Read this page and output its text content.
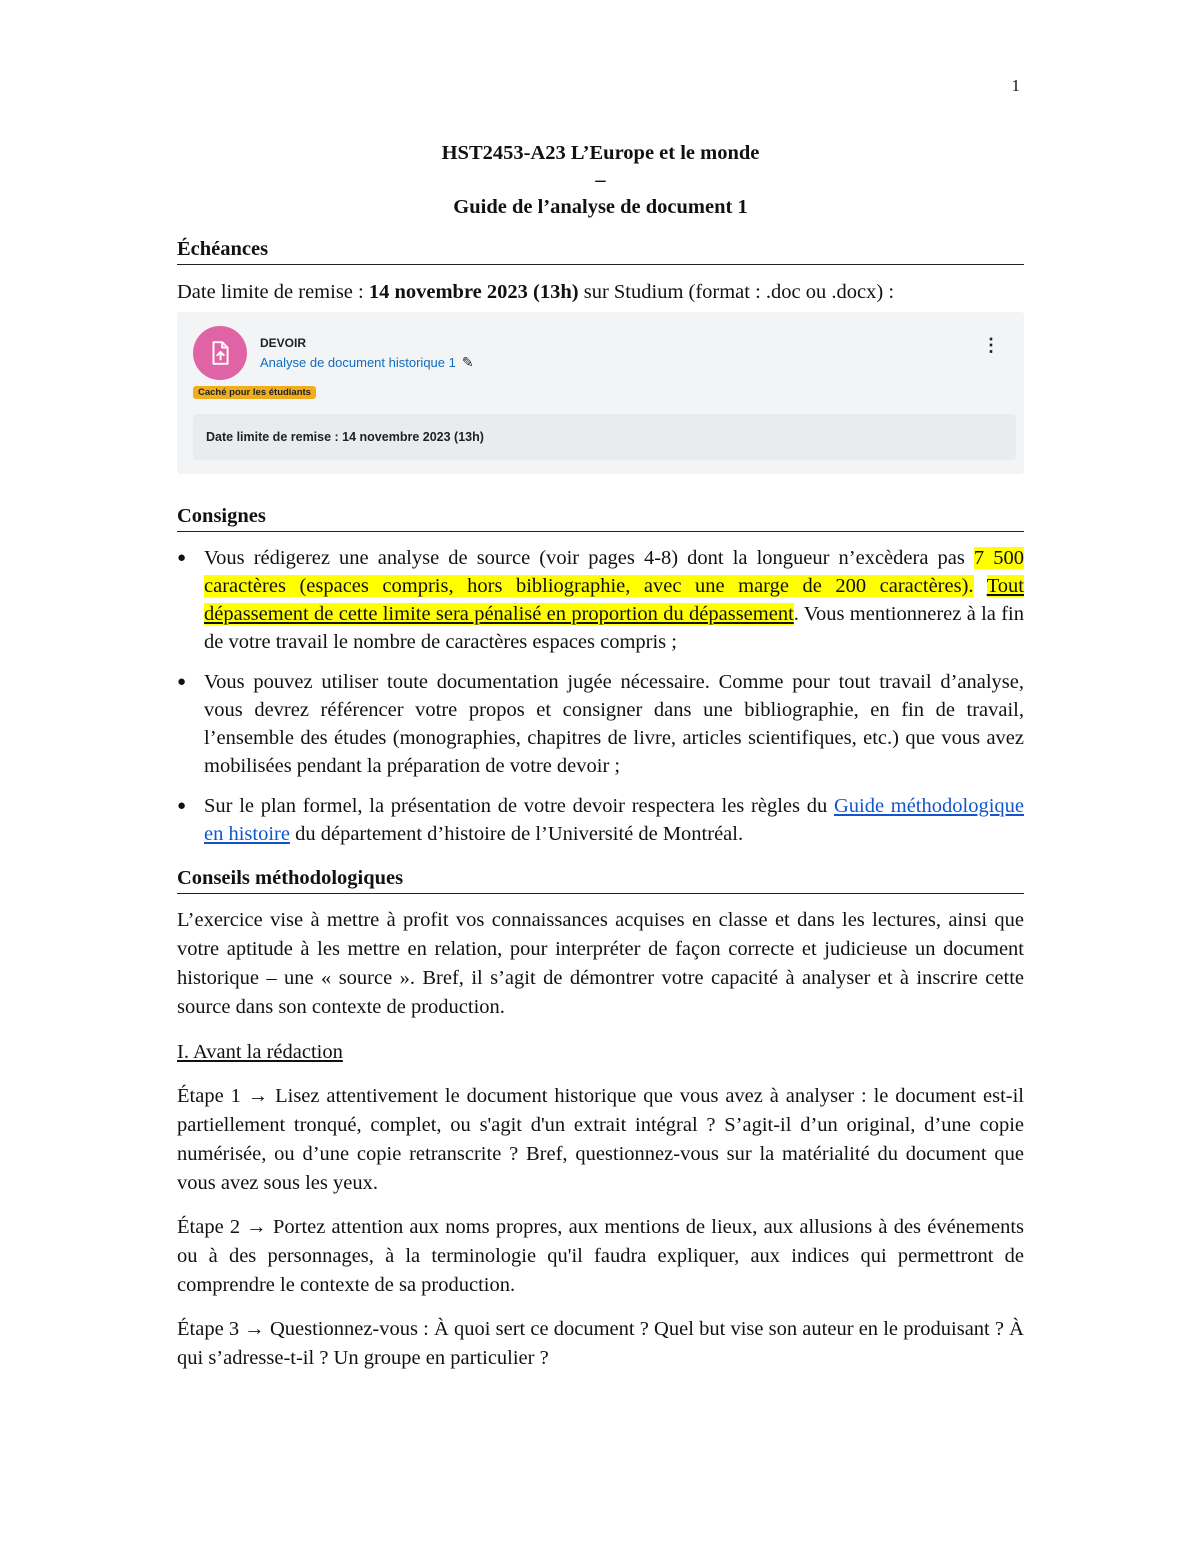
1
HST2453-A23 L’Europe et le monde
–
Guide de l’analyse de document 1
Échéances

Date limite de remise : 14 novembre 2023 (13h) sur Studium (format : .doc ou .docx) :

DEVOIR
Analyse de document historique 1 ✎
Caché pour les étudiants
⋮
Date limite de remise : 14 novembre 2023 (13h)
Consignes
● Vous rédigerez une analyse de source (voir pages 4-8) dont la longueur n’excèdera pas 7 500 caractères (espaces compris, hors bibliographie, avec une marge de 200 caractères). Tout dépassement de cette limite sera pénalisé en proportion du dépassement. Vous mentionnerez à la fin de votre travail le nombre de caractères espaces compris ;
● Vous pouvez utiliser toute documentation jugée nécessaire. Comme pour tout travail d’analyse, vous devrez référencer votre propos et consigner dans une bibliographie, en fin de travail, l’ensemble des études (monographies, chapitres de livre, articles scientifiques, etc.) que vous avez mobilisées pendant la préparation de votre devoir ;
● Sur le plan formel, la présentation de votre devoir respectera les règles du Guide méthodologique en histoire du département d’histoire de l’Université de Montréal.
Conseils méthodologiques

L’exercice vise à mettre à profit vos connaissances acquises en classe et dans les lectures, ainsi que votre aptitude à les mettre en relation, pour interpréter de façon correcte et judicieuse un document historique – une « source ». Bref, il s’agit de démontrer votre capacité à analyser et à inscrire cette source dans son contexte de production.

I. Avant la rédaction

Étape 1 → Lisez attentivement le document historique que vous avez à analyser : le document est-il partiellement tronqué, complet, ou s'agit d'un extrait intégral ? S’agit-il d’un original, d’une copie numérisée, ou d’une copie retranscrite ? Bref, questionnez-vous sur la matérialité du document que vous avez sous les yeux.

Étape 2 → Portez attention aux noms propres, aux mentions de lieux, aux allusions à des événements ou à des personnages, à la terminologie qu'il faudra expliquer, aux indices qui permettront de comprendre le contexte de sa production.

Étape 3 → Questionnez-vous : À quoi sert ce document ? Quel but vise son auteur en le produisant ? À qui s’adresse-t-il ? Un groupe en particulier ?
